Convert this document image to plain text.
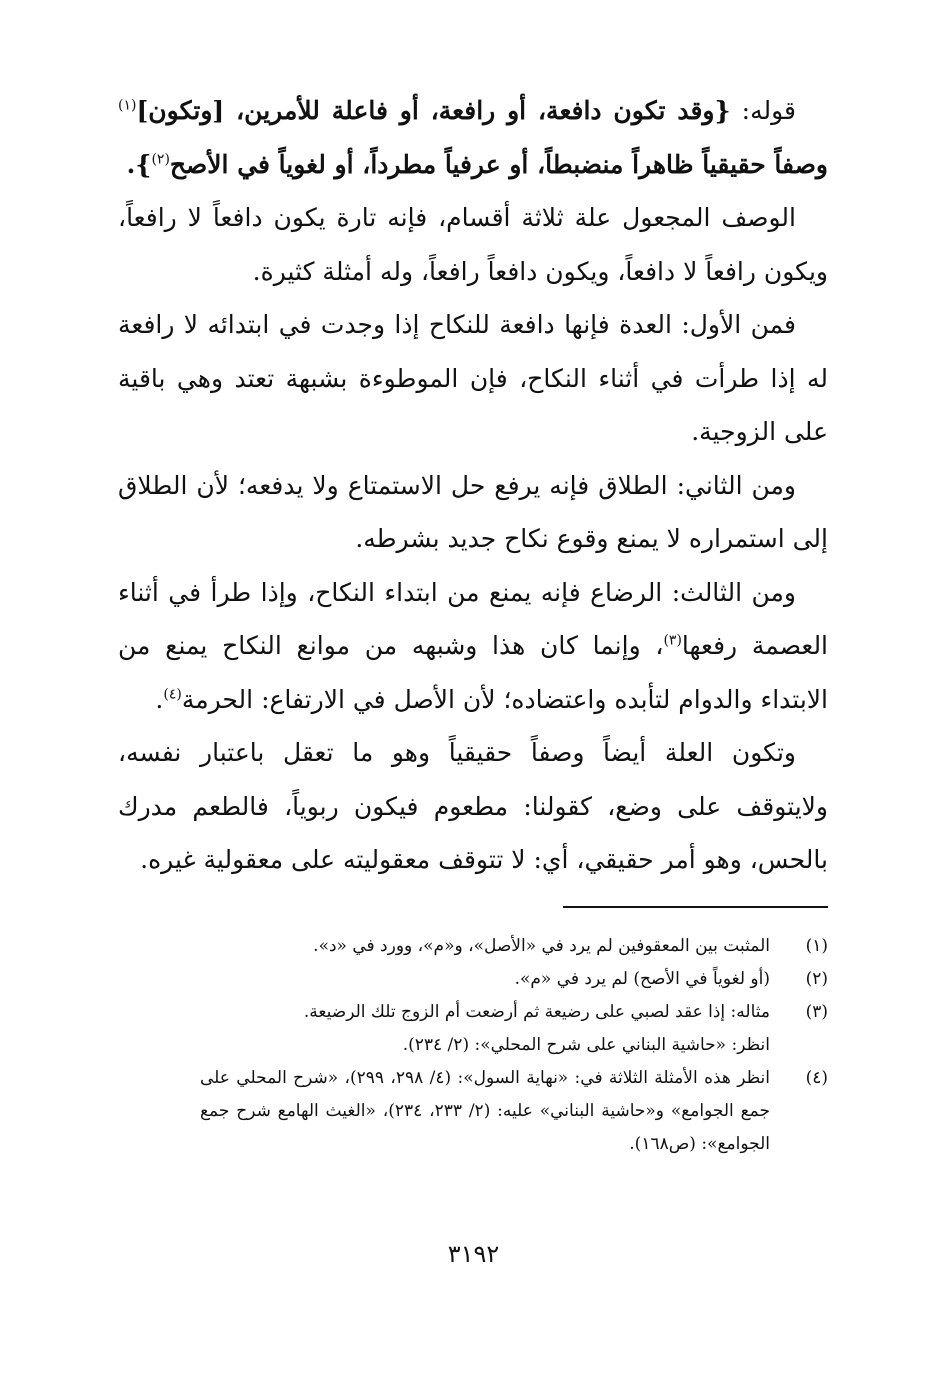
قوله: {وقد تكون دافعة، أو رافعة، أو فاعلة للأمرين، [وتكون]$^{(١)}$ وصفاً حقيقياً ظاهراً منضبطاً، أو عرفياً مطرداً، أو لغوياً في الأصح$^{(٢)}$}.

الوصف المجعول علة ثلاثة أقسام، فإنه تارة يكون دافعاً لا رافعاً، ويكون رافعاً لا دافعاً، ويكون دافعاً رافعاً، وله أمثلة كثيرة.

فمن الأول: العدة فإنها دافعة للنكاح إذا وجدت في ابتدائه لا رافعة له إذا طرأت في أثناء النكاح، فإن الموطوءة بشبهة تعتد وهي باقية على الزوجية.

ومن الثاني: الطلاق فإنه يرفع حل الاستمتاع ولا يدفعه؛ لأن الطلاق إلى استمراره لا يمنع وقوع نكاح جديد بشرطه.

ومن الثالث: الرضاع فإنه يمنع من ابتداء النكاح، وإذا طرأ في أثناء العصمة رفعها$^{(٣)}$، وإنما كان هذا وشبهه من موانع النكاح يمنع من الابتداء والدوام لتأبده واعتضاده؛ لأن الأصل في الارتفاع: الحرمة$^{(٤)}$.

وتكون العلة أيضاً وصفاً حقيقياً وهو ما تعقل باعتبار نفسه، ولايتوقف على وضع، كقولنا: مطعوم فيكون ربوياً، فالطعم مدرك بالحس، وهو أمر حقيقي، أي: لا تتوقف معقوليته على معقولية غيره.

(١)
المثبت بين المعقوفين لم يرد في «الأصل»، و«م»، وورد في «د».
(٢)
(أو لغوياً في الأصح) لم يرد في «م».
(٣)
مثاله: إذا عقد لصبي على رضيعة ثم أرضعت أم الزوج تلك الرضيعة.
انظر: «حاشية البناني على شرح المحلي»: (٢/ ٢٣٤).
(٤)
انظر هذه الأمثلة الثلاثة في: «نهاية السول»: (٤/ ٢٩٨، ٢٩٩)، «شرح المحلي على جمع الجوامع» و«حاشية البناني» عليه: (٢/ ٢٣٣، ٢٣٤)، «الغيث الهامع شرح جمع الجوامع»: (ص١٦٨).
٣١٩٢
